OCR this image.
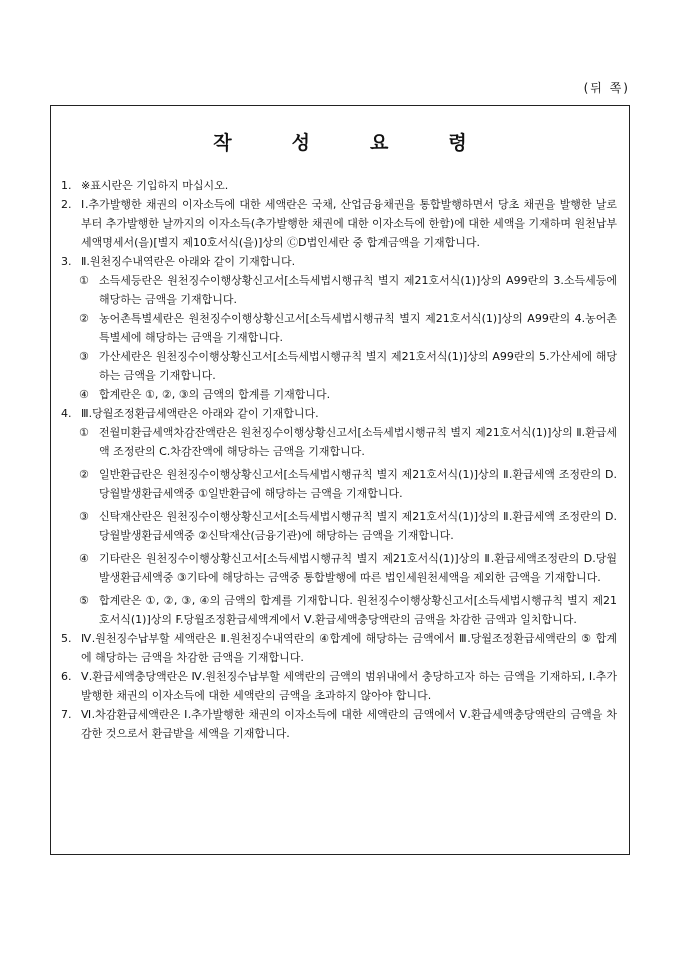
(뒤 쪽)
작	성	요	령
1. ※표시란은 기입하지 마십시오.
2. Ⅰ.추가발행한 채권의 이자소득에 대한 세액란은 국채, 산업금융채권을 통합발행하면서 당초 채권을 발행한 날로부터 추가발행한 날까지의 이자소득(추가발행한 채권에 대한 이자소득에 한함)에 대한 세액을 기재하며 원천납부세액명세서(을)[별지 제10호서식(을)]상의 ⒸD법인세란 중 합계금액을 기재합니다.
3. Ⅱ.원천징수내역란은 아래와 같이 기재합니다.
① 소득세등란은 원천징수이행상황신고서[소득세법시행규칙 별지 제21호서식(1)]상의 A99란의 3.소득세등에 해당하는 금액을 기재합니다.
② 농어촌특별세란은 원천징수이행상황신고서[소득세법시행규칙 별지 제21호서식(1)]상의 A99란의 4.농어촌특별세에 해당하는 금액을 기재합니다.
③ 가산세란은 원천징수이행상황신고서[소득세법시행규칙 별지 제21호서식(1)]상의 A99란의 5.가산세에 해당하는 금액을 기재합니다.
④ 합계란은 ①, ②, ③의 금액의 합계를 기재합니다.
4. Ⅲ.당월조정환급세액란은 아래와 같이 기재합니다.
① 전월미환급세액차감잔액란은 원천징수이행상황신고서[소득세법시행규칙 별지 제21호서식(1)]상의 Ⅱ.환급세액 조정란의 C.차감잔액에 해당하는 금액을 기재합니다.
② 일반환급란은 원천징수이행상황신고서[소득세법시행규칙 별지 제21호서식(1)]상의 Ⅱ.환급세액 조정란의 D.당월발생환급세액중 ①일반환급에 해당하는 금액을 기재합니다.
③ 신탁재산란은 원천징수이행상황신고서[소득세법시행규칙 별지 제21호서식(1)]상의 Ⅱ.환급세액 조정란의 D.당월발생환급세액중 ②신탁재산(금융기관)에 해당하는 금액을 기재합니다.
④ 기타란은 원천징수이행상황신고서[소득세법시행규칙 별지 제21호서식(1)]상의 Ⅱ.환급세액조정란의 D.당월발생환급세액중 ③기타에 해당하는 금액중 통합발행에 따른 법인세원천세액을 제외한 금액을 기재합니다.
⑤ 합계란은 ①, ②, ③, ④의 금액의 합계를 기재합니다. 원천징수이행상황신고서[소득세법시행규칙 별지 제21호서식(1)]상의 F.당월조정환급세액계에서 Ⅴ.환급세액충당액란의 금액을 차감한 금액과 일치합니다.
5. Ⅳ.원천징수납부할 세액란은 Ⅱ.원천징수내역란의 ④합계에 해당하는 금액에서 Ⅲ.당월조정환급세액란의 ⑤ 합계에 해당하는 금액을 차감한 금액을 기재합니다.
6. Ⅴ.환급세액충당액란은 Ⅳ.원천징수납부할 세액란의 금액의 범위내에서 충당하고자 하는 금액을 기재하되, Ⅰ.추가발행한 채권의 이자소득에 대한 세액란의 금액을 초과하지 않아야 합니다.
7. Ⅵ.차감환급세액란은 Ⅰ.추가발행한 채권의 이자소득에 대한 세액란의 금액에서 Ⅴ.환급세액충당액란의 금액을 차감한 것으로서 환급받을 세액을 기재합니다.
